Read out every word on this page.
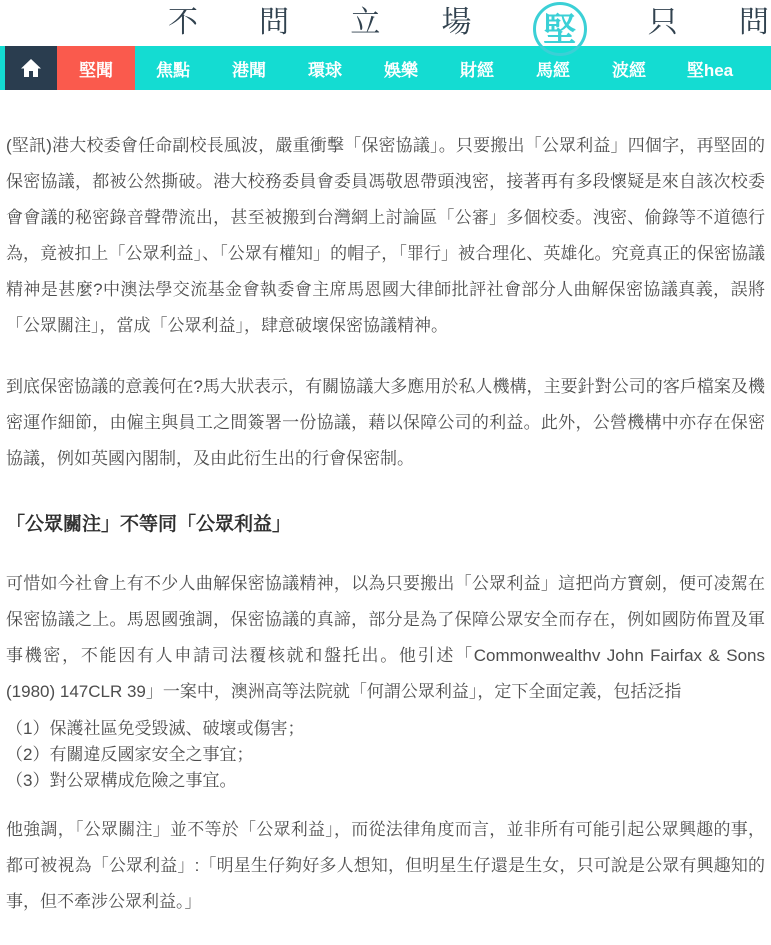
不 問 立 場 堅 只 問
堅聞	焦點	港聞	環球	娛樂	財經	馬經	波經	堅hea

(堅訊)港大校委會任命副校長風波，嚴重衝擊「保密協議」。只要搬出「公眾利益」四個字，再堅固的保密協議，都被公然撕破。港大校務委員會委員馮敬恩帶頭洩密，接著再有多段懷疑是來自該次校委會會議的秘密錄音聲帶流出，甚至被搬到台灣網上討論區「公審」多個校委。洩密、偷錄等不道德行為，竟被扣上「公眾利益」、「公眾有權知」的帽子，「罪行」被合理化、英雄化。究竟真正的保密協議精神是甚麼?中澳法學交流基金會執委會主席馬恩國大律師批評社會部分人曲解保密協議真義，誤將「公眾關注」，當成「公眾利益」，肆意破壞保密協議精神。

到底保密協議的意義何在?馬大狀表示，有關協議大多應用於私人機構，主要針對公司的客戶檔案及機密運作細節，由僱主與員工之間簽署一份協議，藉以保障公司的利益。此外，公營機構中亦存在保密協議，例如英國內閣制，及由此衍生出的行會保密制。

「公眾關注」不等同「公眾利益」

可惜如今社會上有不少人曲解保密協議精神，以為只要搬出「公眾利益」這把尚方寶劍，便可凌駕在保密協議之上。馬恩國強調，保密協議的真諦，部分是為了保障公眾安全而存在，例如國防佈置及軍事機密，不能因有人申請司法覆核就和盤托出。他引述「Commonwealthv John Fairfax & Sons (1980) 147CLR 39」一案中，澳洲高等法院就「何謂公眾利益」，定下全面定義，包括泛指

（1）保護社區免受毀滅、破壞或傷害；
（2）有關違反國家安全之事宜；
（3）對公眾構成危險之事宜。

他強調，「公眾關注」並不等於「公眾利益」，而從法律角度而言，並非所有可能引起公眾興趣的事，都可被視為「公眾利益」:「明星生仔夠好多人想知，但明星生仔還是生女，只可說是公眾有興趣知的事，但不牽涉公眾利益。」
